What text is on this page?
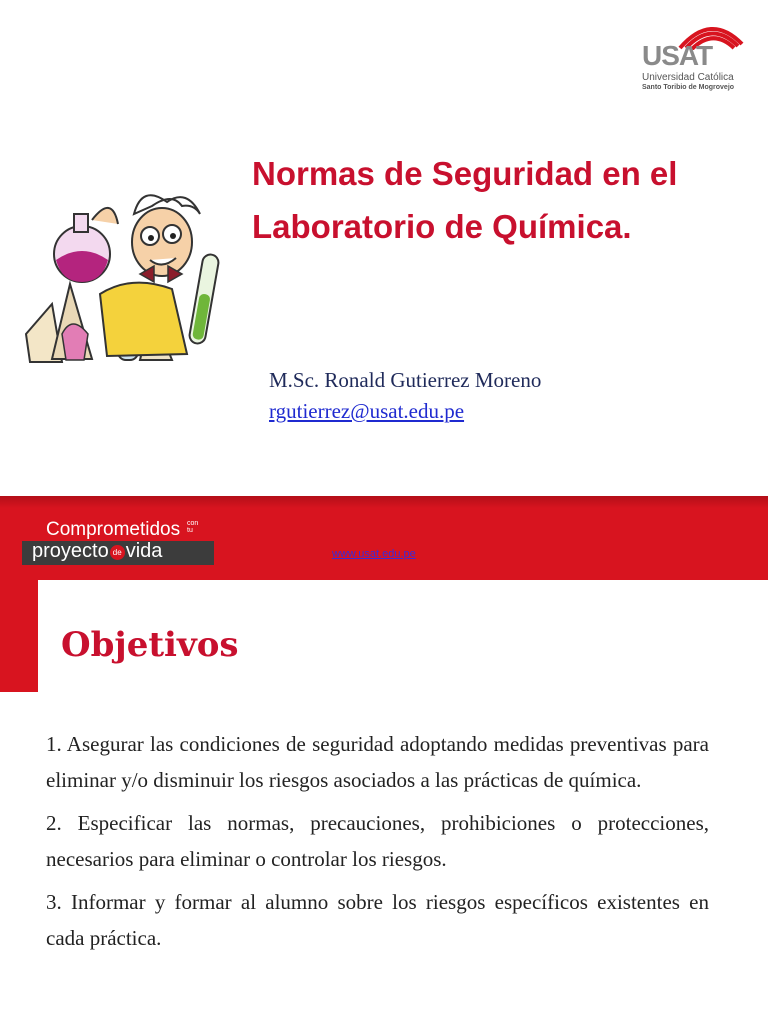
USAT
Universidad Católica
Santo Toribio de Mogrovejo
Normas de Seguridad en el
Laboratorio de Química.
M.Sc. Ronald Gutierrez Moreno
rgutierrez@usat.edu.pe
Comprometidos con
tu
proyecto de vida	www.usat.edu.pe
Objetivos

1. Asegurar las condiciones de seguridad adoptando medidas preventivas para eliminar y/o disminuir los riesgos asociados a las prácticas de química.

2. Especificar las normas, precauciones, prohibiciones o protecciones, necesarios para eliminar o controlar los riesgos.

3. Informar y formar al alumno sobre los riesgos específicos existentes en cada práctica.
